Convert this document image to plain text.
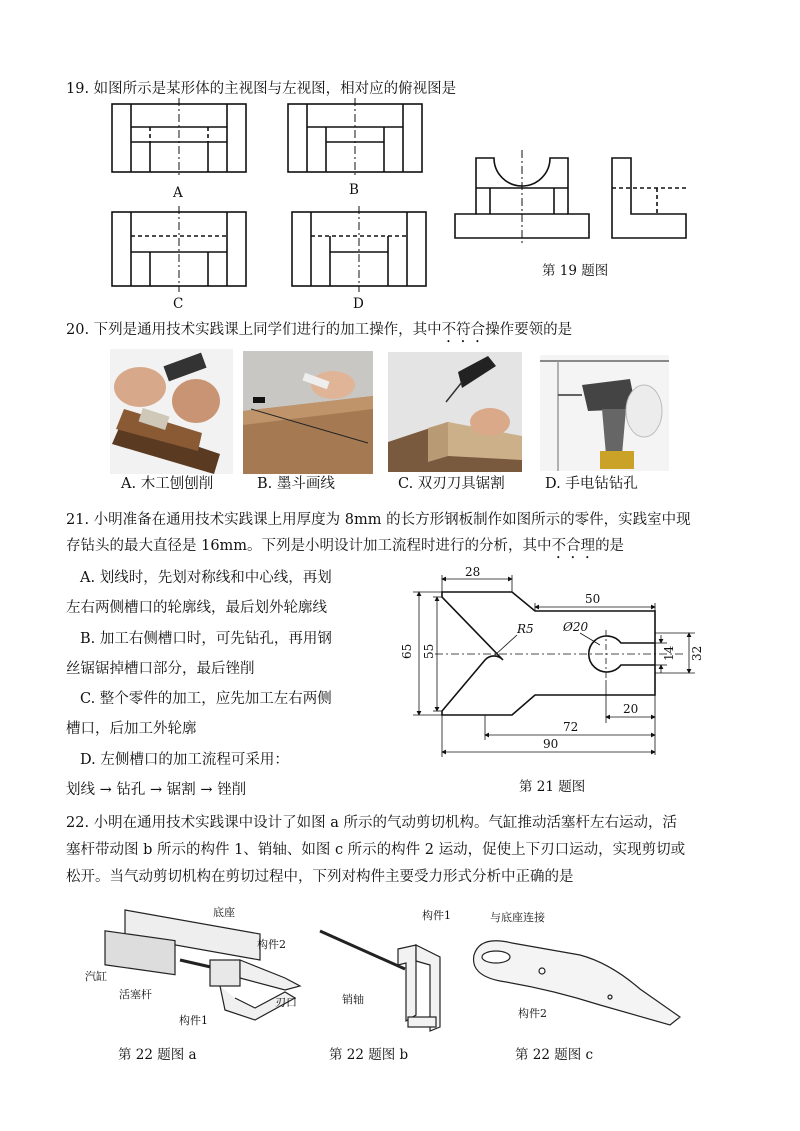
19. 如图所示是某形体的主视图与左视图，相对应的俯视图是
A	B
C	D
第 19 题图
20. 下列是通用技术实践课上同学们进行的加工操作，其中不符合操作要领的是
A. 木工刨刨削	B. 墨斗画线	C. 双刃刀具锯割	D. 手电钻钻孔
21. 小明准备在通用技术实践课上用厚度为 8mm 的长方形钢板制作如图所示的零件，实践室中现
存钻头的最大直径是 16mm。下列是小明设计加工流程时进行的分析，其中不合理的是
A. 划线时，先划对称线和中心线，再划
左右两侧槽口的轮廓线，最后划外轮廓线
B. 加工右侧槽口时，可先钻孔，再用钢
丝锯锯掉槽口部分，最后锉削
C. 整个零件的加工，应先加工左右两侧
槽口，后加工外轮廓
D. 左侧槽口的加工流程可采用：
划线 → 钻孔 → 锯割 → 锉削
28
50
R5 Ø20
65 55	14 32
20
72
90
第 21 题图
22. 小明在通用技术实践课中设计了如图 a 所示的气动剪切机构。气缸推动活塞杆左右运动，活
塞杆带动图 b 所示的构件 1、销轴、如图 c 所示的构件 2 运动，促使上下刃口运动，实现剪切或
松开。当气动剪切机构在剪切过程中，下列对构件主要受力形式分析中正确的是
底座
构件2
汽缸
活塞杆
刃口
构件1
构件1
销轴
与底座连接
构件2
第 22 题图 a	第 22 题图 b	第 22 题图 c
